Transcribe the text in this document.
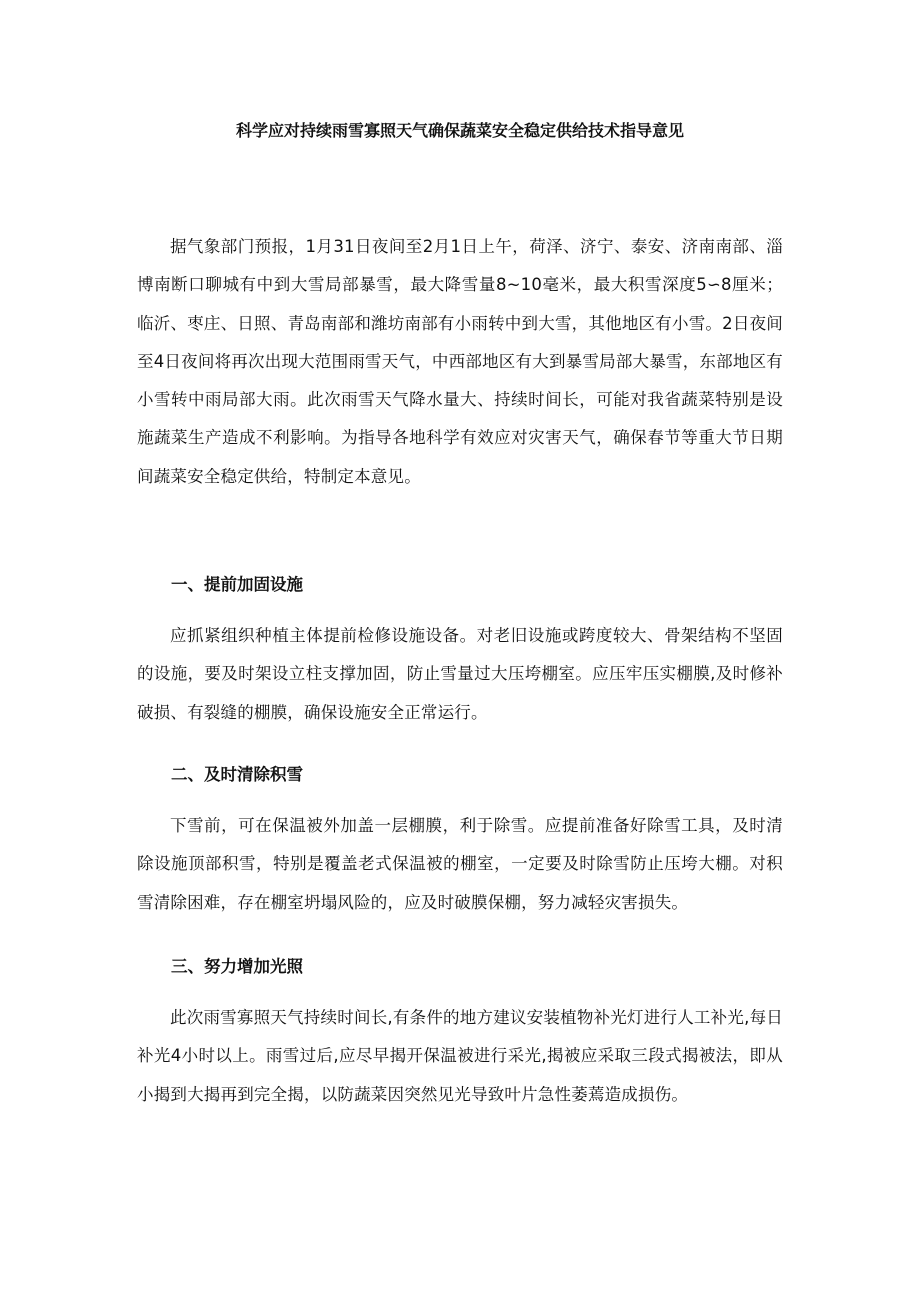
科学应对持续雨雪寡照天气确保蔬菜安全稳定供给技术指导意见

据气象部门预报，1月31日夜间至2月1日上午，荷泽、济宁、泰安、济南南部、淄博南断口聊城有中到大雪局部暴雪，最大降雪量8~10毫米，最大积雪深度5∽8厘米；临沂、枣庄、日照、青岛南部和潍坊南部有小雨转中到大雪，其他地区有小雪。2日夜间至4日夜间将再次出现大范围雨雪天气，中西部地区有大到暴雪局部大暴雪，东部地区有小雪转中雨局部大雨。此次雨雪天气降水量大、持续时间长，可能对我省蔬菜特别是设施蔬菜生产造成不利影响。为指导各地科学有效应对灾害天气，确保春节等重大节日期间蔬菜安全稳定供给，特制定本意见。

一、提前加固设施

应抓紧组织种植主体提前检修设施设备。对老旧设施或跨度较大、骨架结构不坚固的设施，要及时架设立柱支撑加固，防止雪量过大压垮棚室。应压牢压实棚膜,及时修补破损、有裂缝的棚膜，确保设施安全正常运行。

二、及时清除积雪

下雪前，可在保温被外加盖一层棚膜，利于除雪。应提前准备好除雪工具，及时清除设施顶部积雪，特别是覆盖老式保温被的棚室，一定要及时除雪防止压垮大棚。对积雪清除困难，存在棚室坍塌风险的，应及时破膜保棚，努力减轻灾害损失。

三、努力增加光照

此次雨雪寡照天气持续时间长,有条件的地方建议安装植物补光灯进行人工补光,每日补光4小时以上。雨雪过后,应尽早揭开保温被进行采光,揭被应采取三段式揭被法，即从小揭到大揭再到完全揭，以防蔬菜因突然见光导致叶片急性萎蔫造成损伤。
